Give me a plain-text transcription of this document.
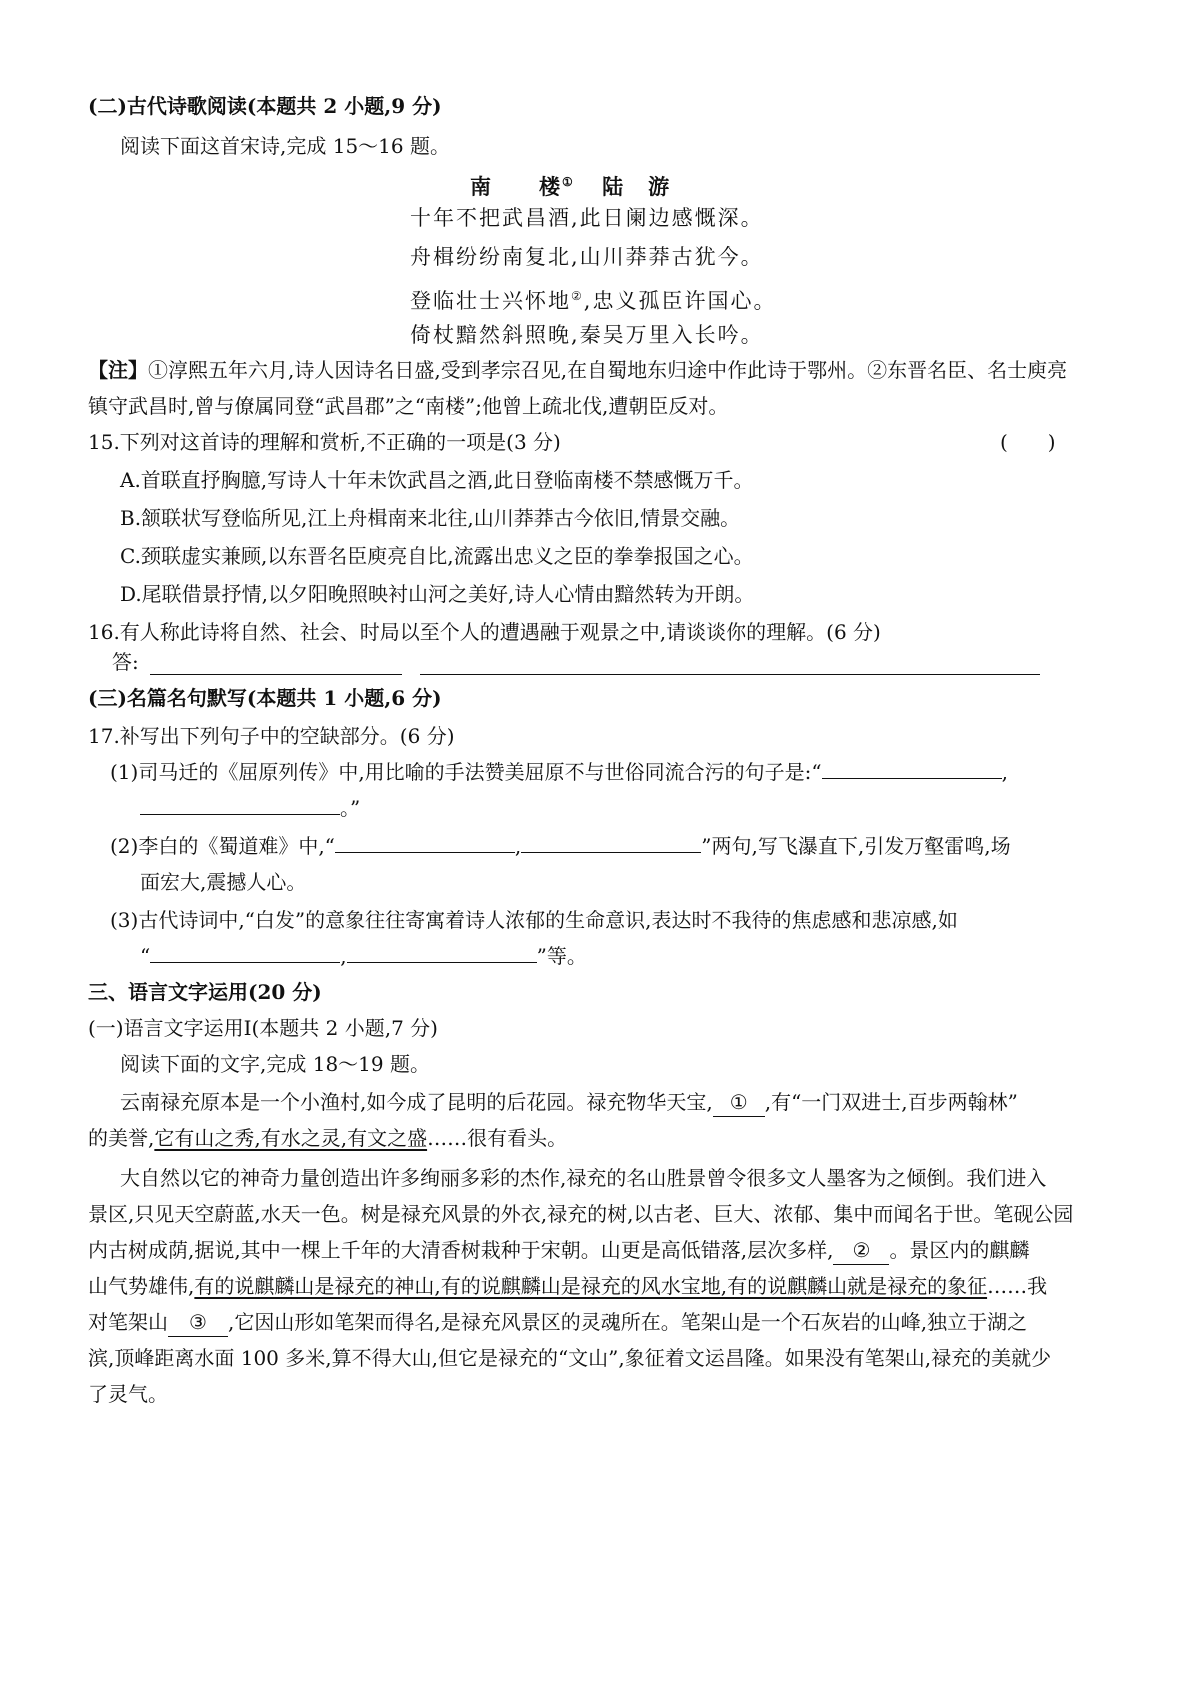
(二)古代诗歌阅读(本题共 2 小题,9 分)
阅读下面这首宋诗,完成 15～16 题。
南　　楼① 陆　游
十年不把武昌酒,此日阑边感慨深。
舟楫纷纷南复北,山川莽莽古犹今。
登临壮士兴怀地②,忠义孤臣许国心。
倚杖黯然斜照晚,秦吴万里入长吟。
【注】①淳熙五年六月,诗人因诗名日盛,受到孝宗召见,在自蜀地东归途中作此诗于鄂州。②东晋名臣、名士庾亮
镇守武昌时,曾与僚属同登“武昌郡”之“南楼”;他曾上疏北伐,遭朝臣反对。
15.下列对这首诗的理解和赏析,不正确的一项是(3 分)	(　　)
A.首联直抒胸臆,写诗人十年未饮武昌之酒,此日登临南楼不禁感慨万千。
B.颔联状写登临所见,江上舟楫南来北往,山川莽莽古今依旧,情景交融。
C.颈联虚实兼顾,以东晋名臣庾亮自比,流露出忠义之臣的拳拳报国之心。
D.尾联借景抒情,以夕阳晚照映衬山河之美好,诗人心情由黯然转为开朗。
16.有人称此诗将自然、社会、时局以至个人的遭遇融于观景之中,请谈谈你的理解。(6 分)
答:
(三)名篇名句默写(本题共 1 小题,6 分)
17.补写出下列句子中的空缺部分。(6 分)
(1)司马迁的《屈原列传》中,用比喻的手法赞美屈原不与世俗同流合污的句子是:“	,
。”
(2)李白的《蜀道难》中,“	,	”两句,写飞瀑直下,引发万壑雷鸣,场
面宏大,震撼人心。
(3)古代诗词中,“白发”的意象往往寄寓着诗人浓郁的生命意识,表达时不我待的焦虑感和悲凉感,如
“	,	”等。
三、语言文字运用(20 分)
(一)语言文字运用Ⅰ(本题共 2 小题,7 分)
阅读下面的文字,完成 18～19 题。
云南禄充原本是一个小渔村,如今成了昆明的后花园。禄充物华天宝, ① ,有“一门双进士,百步两翰林”
的美誉,它有山之秀,有水之灵,有文之盛……很有看头。
大自然以它的神奇力量创造出许多绚丽多彩的杰作,禄充的名山胜景曾令很多文人墨客为之倾倒。我们进入
景区,只见天空蔚蓝,水天一色。树是禄充风景的外衣,禄充的树,以古老、巨大、浓郁、集中而闻名于世。笔砚公园
内古树成荫,据说,其中一棵上千年的大清香树栽种于宋朝。山更是高低错落,层次多样, ② 。景区内的麒麟
山气势雄伟,有的说麒麟山是禄充的神山,有的说麒麟山是禄充的风水宝地,有的说麒麟山就是禄充的象征……我
对笔架山 ③ ,它因山形如笔架而得名,是禄充风景区的灵魂所在。笔架山是一个石灰岩的山峰,独立于湖之
滨,顶峰距离水面 100 多米,算不得大山,但它是禄充的“文山”,象征着文运昌隆。如果没有笔架山,禄充的美就少
了灵气。
